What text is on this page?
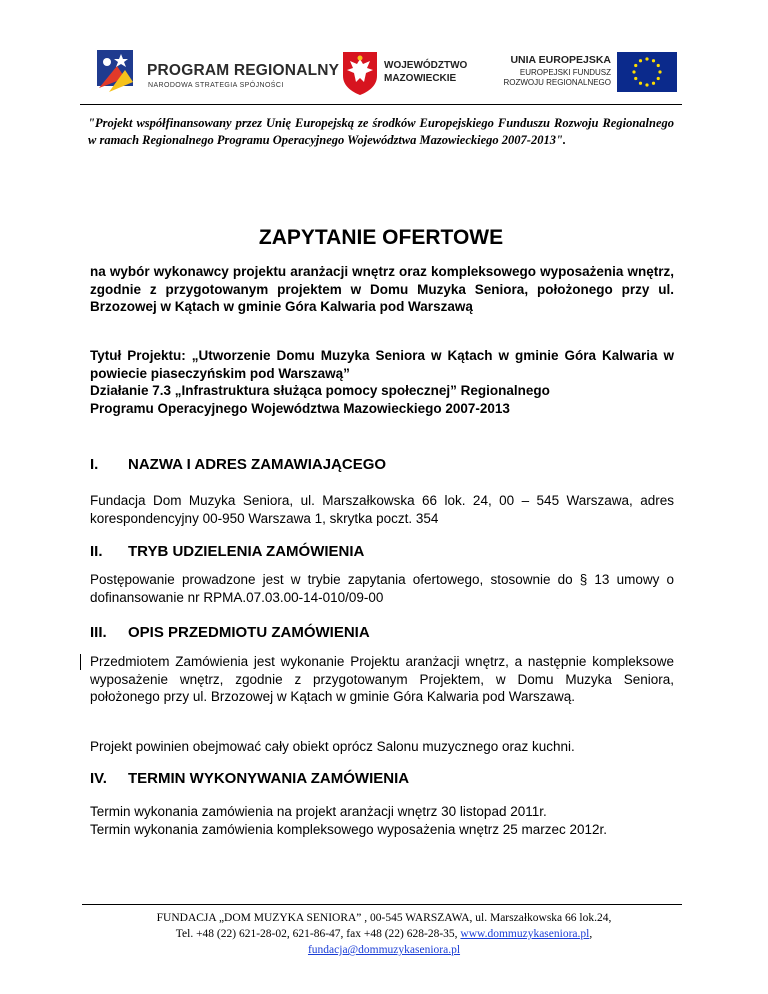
PROGRAM REGIONALNY
NARODOWA STRATEGIA SPÓJNOŚCI
WOJEWÓDZTWO
MAZOWIECKIE
UNIA EUROPEJSKA
EUROPEJSKI FUNDUSZ
ROZWOJU REGIONALNEGO
"Projekt współfinansowany przez Unię Europejską ze środków Europejskiego Funduszu Rozwoju Regionalnego w ramach Regionalnego Programu Operacyjnego Województwa Mazowieckiego 2007-2013".
ZAPYTANIE OFERTOWE
na wybór wykonawcy projektu aranżacji wnętrz oraz kompleksowego wyposażenia wnętrz, zgodnie z przygotowanym projektem w Domu Muzyka Seniora, położonego przy ul. Brzozowej w Kątach w gminie Góra Kalwaria pod Warszawą
Tytuł Projektu: „Utworzenie Domu Muzyka Seniora w Kątach w gminie Góra Kalwaria w powiecie piaseczyńskim pod Warszawą”
Działanie 7.3 „Infrastruktura służąca pomocy społecznej” Regionalnego
Programu Operacyjnego Województwa Mazowieckiego 2007-2013
I. NAZWA I ADRES ZAMAWIAJĄCEGO
Fundacja Dom Muzyka Seniora, ul. Marszałkowska 66 lok. 24, 00 – 545 Warszawa, adres korespondencyjny 00-950 Warszawa 1, skrytka poczt. 354
II. TRYB UDZIELENIA ZAMÓWIENIA
Postępowanie prowadzone jest w trybie zapytania ofertowego, stosownie do § 13 umowy o dofinansowanie nr RPMA.07.03.00-14-010/09-00
III. OPIS PRZEDMIOTU ZAMÓWIENIA
Przedmiotem Zamówienia jest wykonanie Projektu aranżacji wnętrz, a następnie kompleksowe wyposażenie wnętrz, zgodnie z przygotowanym Projektem, w Domu Muzyka Seniora, położonego przy ul. Brzozowej w Kątach w gminie Góra Kalwaria pod Warszawą.
Projekt powinien obejmować cały obiekt oprócz Salonu muzycznego oraz kuchni.
IV. TERMIN WYKONYWANIA ZAMÓWIENIA
Termin wykonania zamówienia na projekt aranżacji wnętrz 30 listopad 2011r.
Termin wykonania zamówienia kompleksowego wyposażenia wnętrz 25 marzec 2012r.
FUNDACJA „DOM MUZYKA SENIORA” , 00-545 WARSZAWA, ul. Marszałkowska 66 lok.24,
Tel. +48 (22) 621-28-02, 621-86-47, fax +48 (22) 628-28-35, www.dommuzykaseniora.pl,
fundacja@dommuzykaseniora.pl
